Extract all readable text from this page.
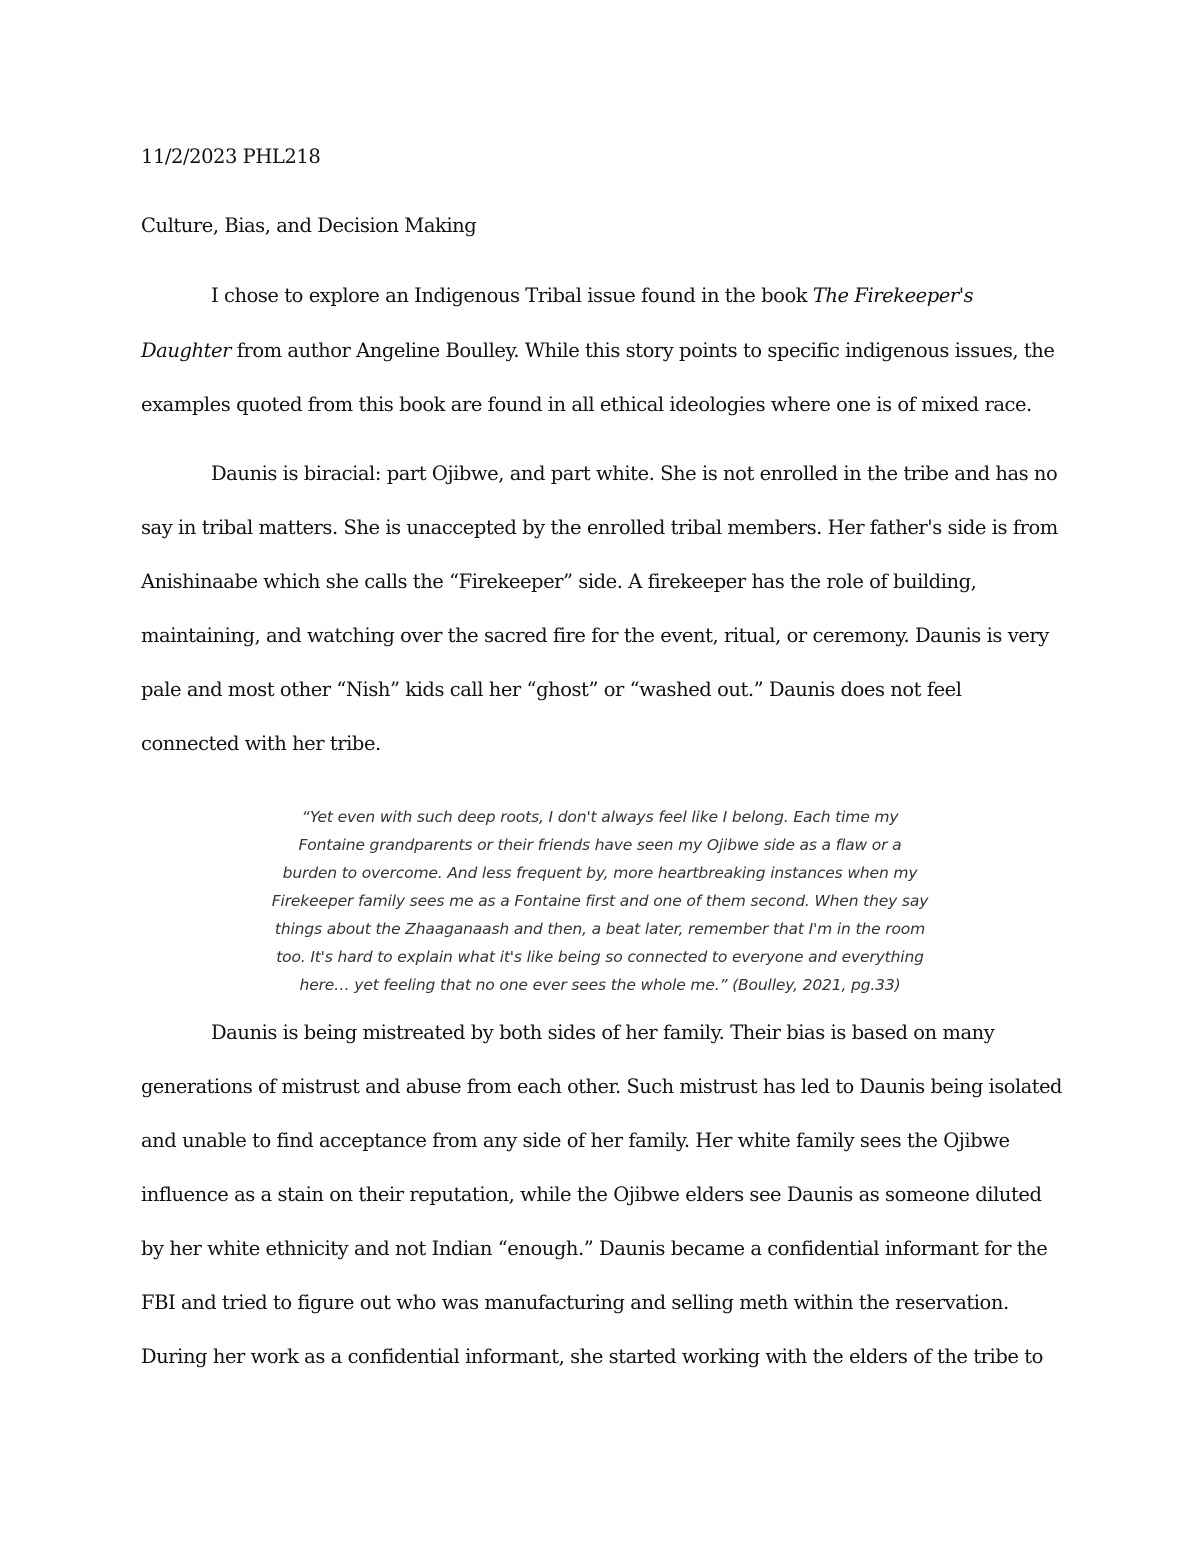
11/2/2023 PHL218

Culture, Bias, and Decision Making

I chose to explore an Indigenous Tribal issue found in the book The Firekeeper's

Daughter from author Angeline Boulley. While this story points to specific indigenous issues, the

examples quoted from this book are found in all ethical ideologies where one is of mixed race.

Daunis is biracial: part Ojibwe, and part white. She is not enrolled in the tribe and has no

say in tribal matters. She is unaccepted by the enrolled tribal members. Her father's side is from

Anishinaabe which she calls the “Firekeeper” side. A firekeeper has the role of building,

maintaining, and watching over the sacred fire for the event, ritual, or ceremony. Daunis is very

pale and most other “Nish” kids call her “ghost” or “washed out.” Daunis does not feel

connected with her tribe.

“Yet even with such deep roots, I don't always feel like I belong. Each time my

Fontaine grandparents or their friends have seen my Ojibwe side as a flaw or a

burden to overcome. And less frequent by, more heartbreaking instances when my

Firekeeper family sees me as a Fontaine first and one of them second. When they say

things about the Zhaaganaash and then, a beat later, remember that I'm in the room

too. It's hard to explain what it's like being so connected to everyone and everything

here… yet feeling that no one ever sees the whole me.” (Boulley, 2021, pg.33)

Daunis is being mistreated by both sides of her family. Their bias is based on many

generations of mistrust and abuse from each other. Such mistrust has led to Daunis being isolated

and unable to find acceptance from any side of her family. Her white family sees the Ojibwe

influence as a stain on their reputation, while the Ojibwe elders see Daunis as someone diluted

by her white ethnicity and not Indian “enough.” Daunis became a confidential informant for the

FBI and tried to figure out who was manufacturing and selling meth within the reservation.

During her work as a confidential informant, she started working with the elders of the tribe to
